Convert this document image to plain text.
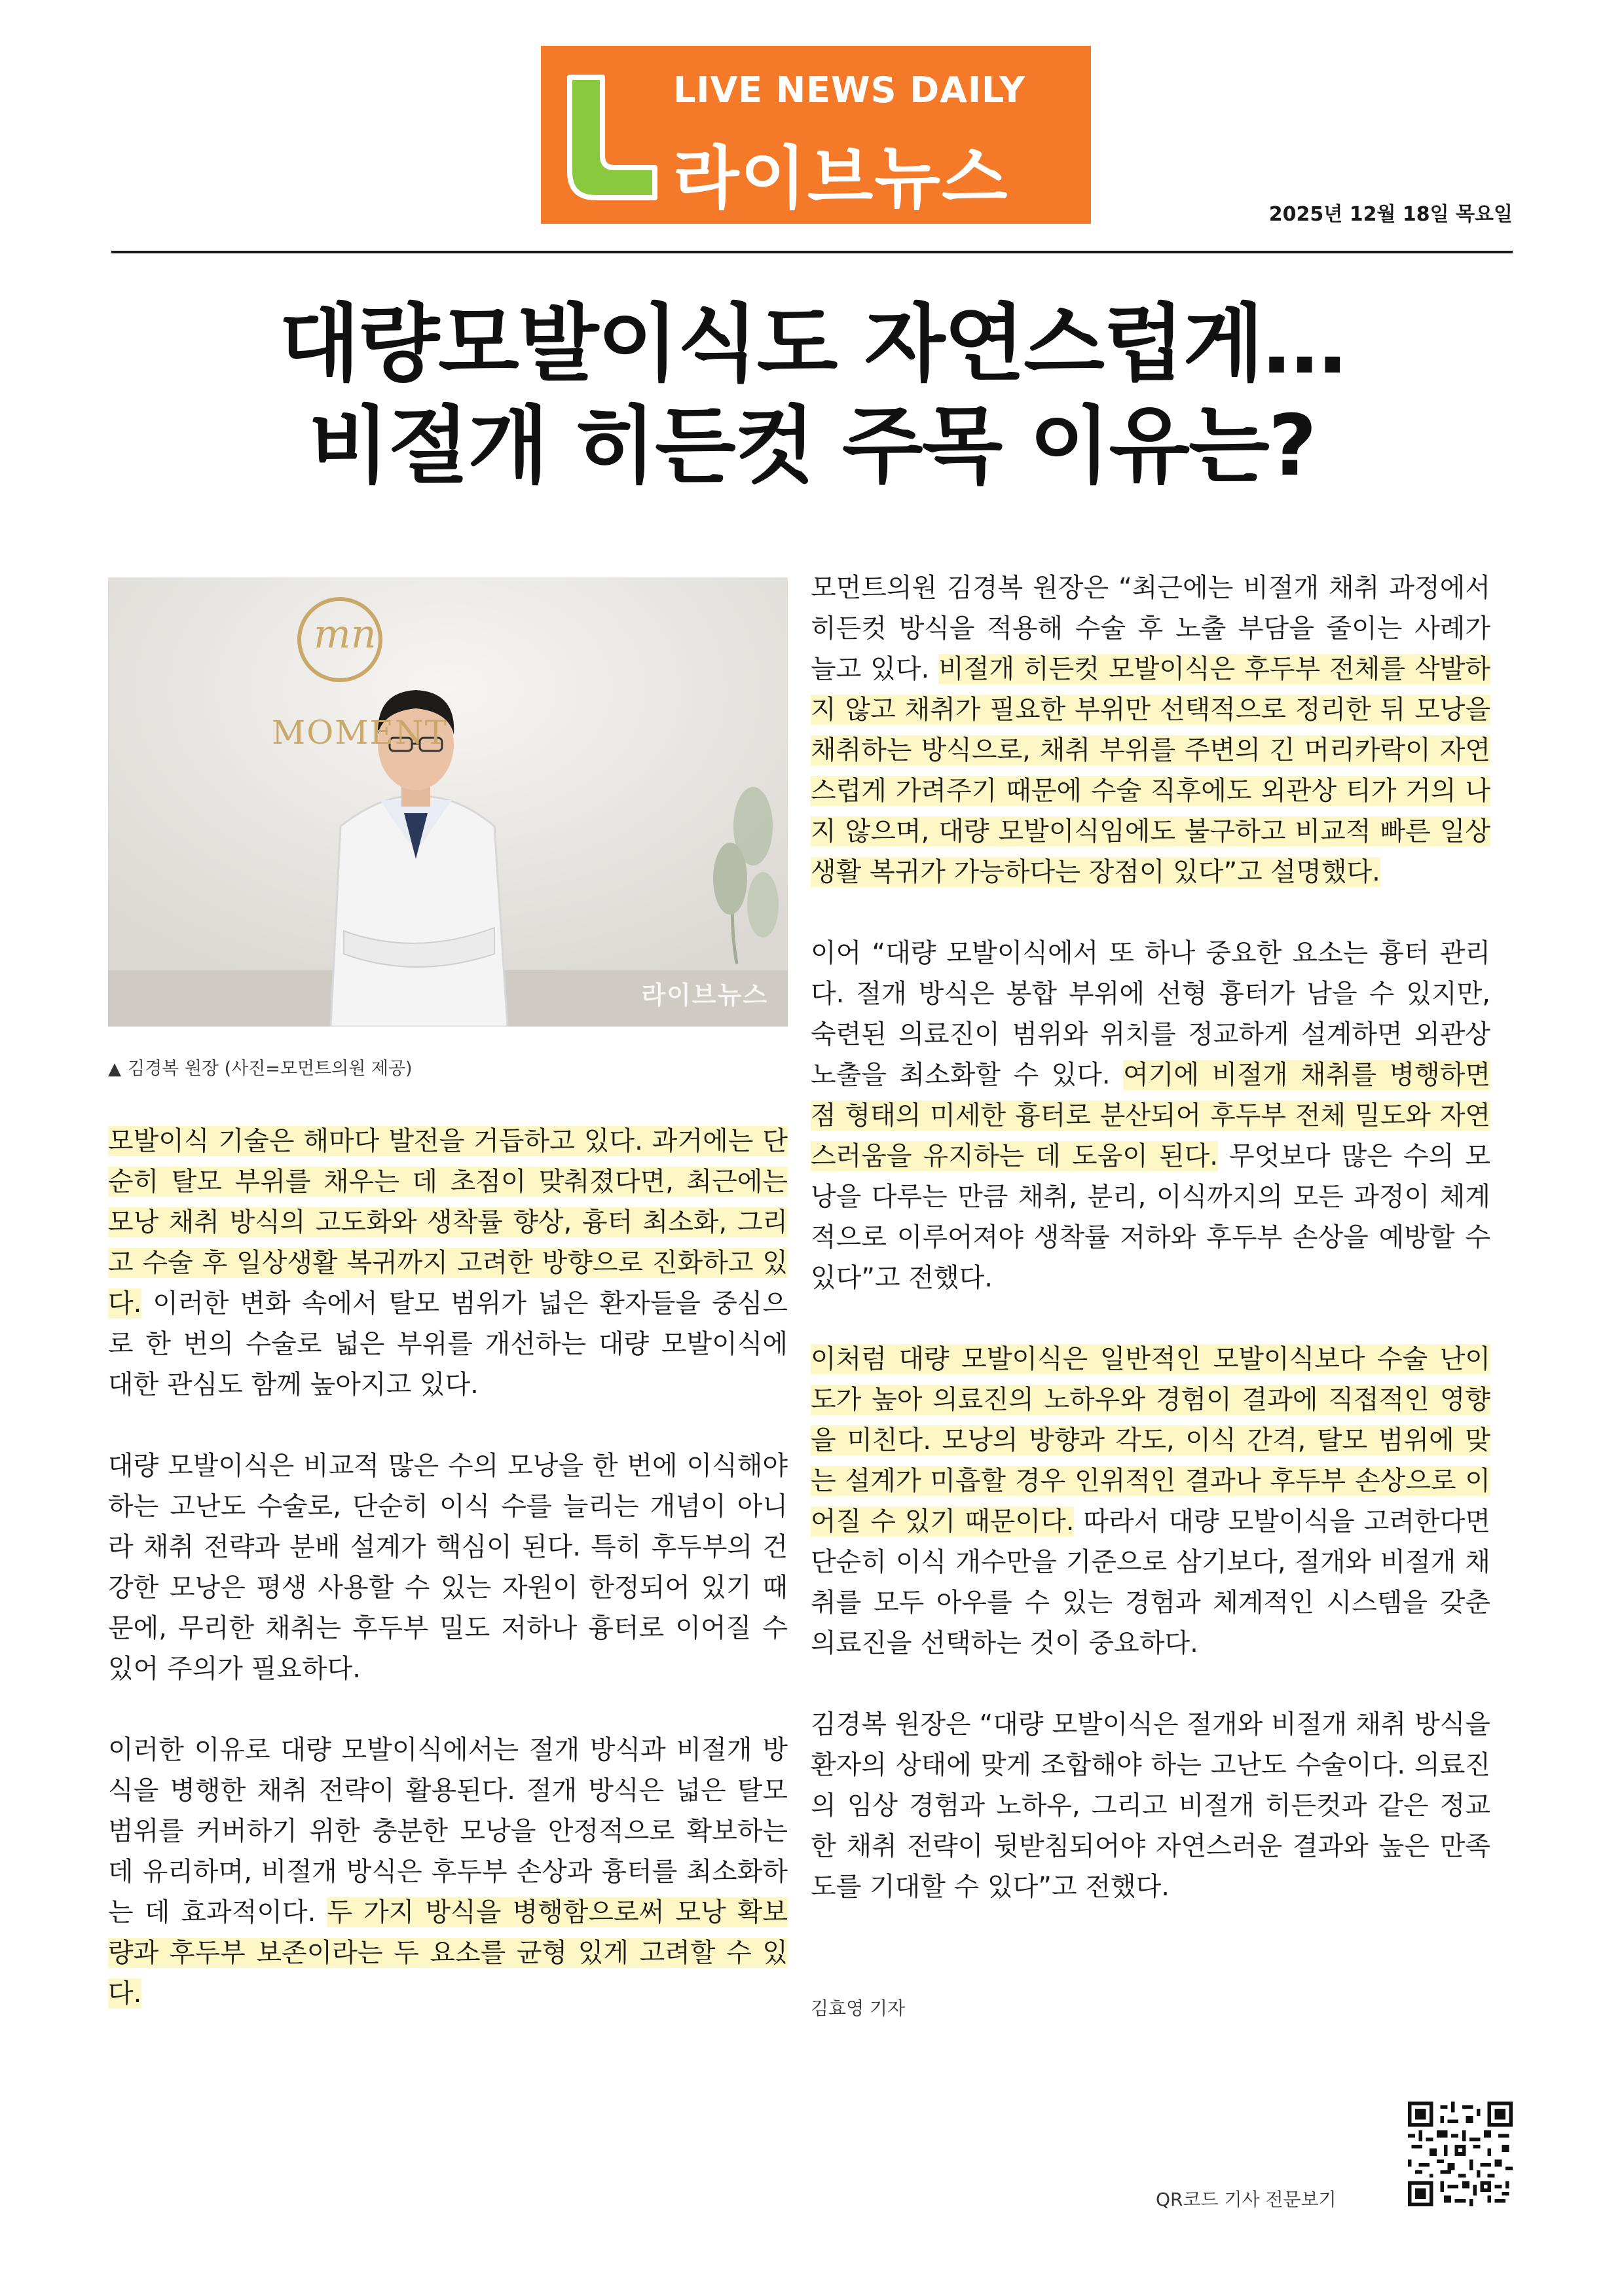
LIVE NEWS DAILY
라이브뉴스	2025년 12월 18일 목요일
대량모발이식도 자연스럽게…
비절개 히든컷 주목 이유는?
mn
MOMENT
라이브뉴스
▲ 김경복 원장 (사진=모먼트의원 제공)

모발이식 기술은 해마다 발전을 거듭하고 있다. 과거에는 단순히 탈모 부위를 채우는 데 초점이 맞춰졌다면, 최근에는 모낭 채취 방식의 고도화와 생착률 향상, 흉터 최소화, 그리고 수술 후 일상생활 복귀까지 고려한 방향으로 진화하고 있다. 이러한 변화 속에서 탈모 범위가 넓은 환자들을 중심으로 한 번의 수술로 넓은 부위를 개선하는 대량 모발이식에 대한 관심도 함께 높아지고 있다.

대량 모발이식은 비교적 많은 수의 모낭을 한 번에 이식해야 하는 고난도 수술로, 단순히 이식 수를 늘리는 개념이 아니라 채취 전략과 분배 설계가 핵심이 된다. 특히 후두부의 건강한 모낭은 평생 사용할 수 있는 자원이 한정되어 있기 때문에, 무리한 채취는 후두부 밀도 저하나 흉터로 이어질 수 있어 주의가 필요하다.

이러한 이유로 대량 모발이식에서는 절개 방식과 비절개 방식을 병행한 채취 전략이 활용된다. 절개 방식은 넓은 탈모 범위를 커버하기 위한 충분한 모낭을 안정적으로 확보하는 데 유리하며, 비절개 방식은 후두부 손상과 흉터를 최소화하는 데 효과적이다. 두 가지 방식을 병행함으로써 모낭 확보량과 후두부 보존이라는 두 요소를 균형 있게 고려할 수 있다.

모먼트의원 김경복 원장은 “최근에는 비절개 채취 과정에서 히든컷 방식을 적용해 수술 후 노출 부담을 줄이는 사례가 늘고 있다. 비절개 히든컷 모발이식은 후두부 전체를 삭발하지 않고 채취가 필요한 부위만 선택적으로 정리한 뒤 모낭을 채취하는 방식으로, 채취 부위를 주변의 긴 머리카락이 자연스럽게 가려주기 때문에 수술 직후에도 외관상 티가 거의 나지 않으며, 대량 모발이식임에도 불구하고 비교적 빠른 일상생활 복귀가 가능하다는 장점이 있다”고 설명했다.

이어 “대량 모발이식에서 또 하나 중요한 요소는 흉터 관리다. 절개 방식은 봉합 부위에 선형 흉터가 남을 수 있지만, 숙련된 의료진이 범위와 위치를 정교하게 설계하면 외관상 노출을 최소화할 수 있다. 여기에 비절개 채취를 병행하면 점 형태의 미세한 흉터로 분산되어 후두부 전체 밀도와 자연스러움을 유지하는 데 도움이 된다. 무엇보다 많은 수의 모낭을 다루는 만큼 채취, 분리, 이식까지의 모든 과정이 체계적으로 이루어져야 생착률 저하와 후두부 손상을 예방할 수 있다”고 전했다.

이처럼 대량 모발이식은 일반적인 모발이식보다 수술 난이도가 높아 의료진의 노하우와 경험이 결과에 직접적인 영향을 미친다. 모낭의 방향과 각도, 이식 간격, 탈모 범위에 맞는 설계가 미흡할 경우 인위적인 결과나 후두부 손상으로 이어질 수 있기 때문이다. 따라서 대량 모발이식을 고려한다면 단순히 이식 개수만을 기준으로 삼기보다, 절개와 비절개 채취를 모두 아우를 수 있는 경험과 체계적인 시스템을 갖춘 의료진을 선택하는 것이 중요하다.

김경복 원장은 “대량 모발이식은 절개와 비절개 채취 방식을 환자의 상태에 맞게 조합해야 하는 고난도 수술이다. 의료진의 임상 경험과 노하우, 그리고 비절개 히든컷과 같은 정교한 채취 전략이 뒷받침되어야 자연스러운 결과와 높은 만족도를 기대할 수 있다”고 전했다.

김효영 기자
QR코드 기사 전문보기
